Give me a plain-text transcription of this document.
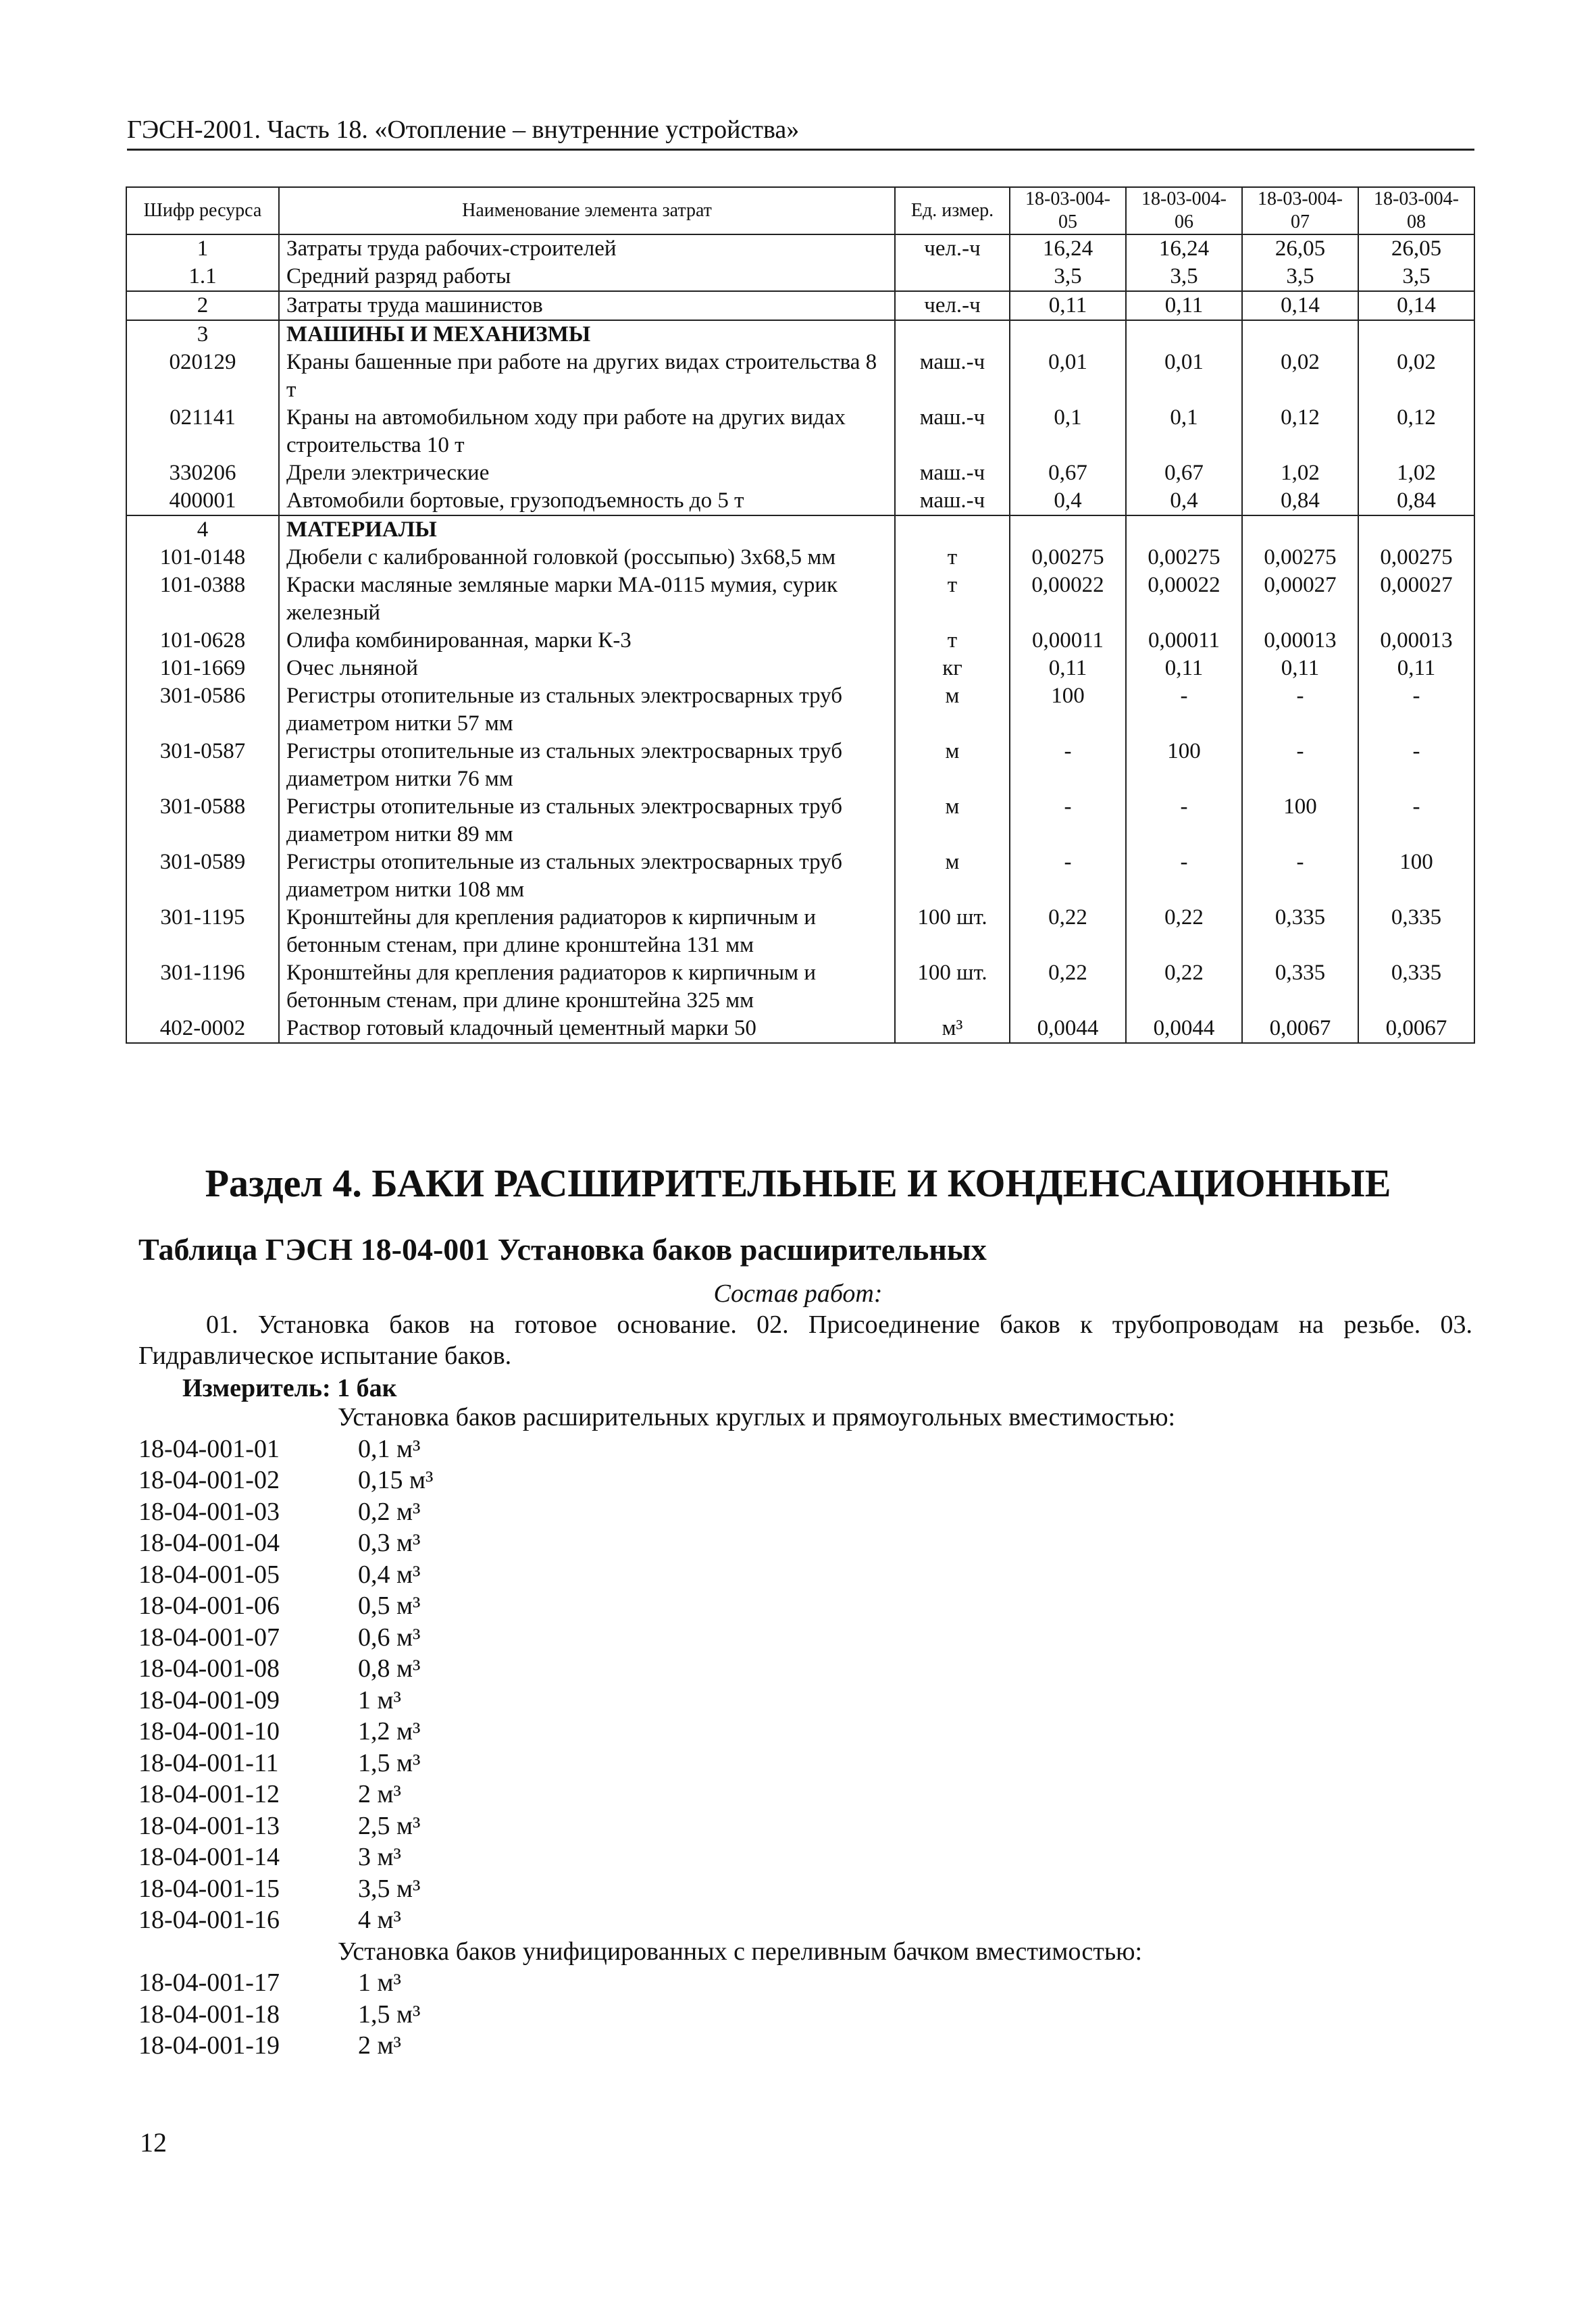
ГЭСН-2001. Часть 18. «Отопление – внутренние устройства»
Шифр ресурса	Наименование элемента затрат	Ед. измер.	18-03-004-05	18-03-004-06	18-03-004-07	18-03-004-08
1	Затраты труда рабочих-строителей	чел.-ч	16,24	16,24	26,05	26,05
1.1	Средний разряд работы		3,5	3,5	3,5	3,5
2	Затраты труда машинистов	чел.-ч	0,11	0,11	0,14	0,14
3	МАШИНЫ И МЕХАНИЗМЫ					
020129	Краны башенные при работе на других видах строительства 8 т	маш.-ч	0,01	0,01	0,02	0,02
021141	Краны на автомобильном ходу при работе на других видах строительства 10 т	маш.-ч	0,1	0,1	0,12	0,12
330206	Дрели электрические	маш.-ч	0,67	0,67	1,02	1,02
400001	Автомобили бортовые, грузоподъемность до 5 т	маш.-ч	0,4	0,4	0,84	0,84
4	МАТЕРИАЛЫ					
101-0148	Дюбели с калиброванной головкой (россыпью) 3х68,5 мм	т	0,00275	0,00275	0,00275	0,00275
101-0388	Краски масляные земляные марки МА-0115 мумия, сурик железный	т	0,00022	0,00022	0,00027	0,00027
101-0628	Олифа комбинированная, марки К-3	т	0,00011	0,00011	0,00013	0,00013
101-1669	Очес льняной	кг	0,11	0,11	0,11	0,11
301-0586	Регистры отопительные из стальных электросварных труб диаметром нитки 57 мм	м	100	-	-	-
301-0587	Регистры отопительные из стальных электросварных труб диаметром нитки 76 мм	м	-	100	-	-
301-0588	Регистры отопительные из стальных электросварных труб диаметром нитки 89 мм	м	-	-	100	-
301-0589	Регистры отопительные из стальных электросварных труб диаметром нитки 108 мм	м	-	-	-	100
301-1195	Кронштейны для крепления радиаторов к кирпичным и бетонным стенам, при длине кронштейна 131 мм	100 шт.	0,22	0,22	0,335	0,335
301-1196	Кронштейны для крепления радиаторов к кирпичным и бетонным стенам, при длине кронштейна 325 мм	100 шт.	0,22	0,22	0,335	0,335
402-0002	Раствор готовый кладочный цементный марки 50	м³	0,0044	0,0044	0,0067	0,0067
Раздел 4. БАКИ РАСШИРИТЕЛЬНЫЕ И КОНДЕНСАЦИОННЫЕ
Таблица ГЭСН 18-04-001 Установка баков расширительных
Состав работ:
01. Установка баков на готовое основание. 02. Присоединение баков к трубопроводам на резьбе. 03. Гидравлическое испытание баков.
Измеритель: 1 бак
Установка баков расширительных круглых и прямоугольных вместимостью:
18-04-001-01	0,1 м³
18-04-001-02	0,15 м³
18-04-001-03	0,2 м³
18-04-001-04	0,3 м³
18-04-001-05	0,4 м³
18-04-001-06	0,5 м³
18-04-001-07	0,6 м³
18-04-001-08	0,8 м³
18-04-001-09	1 м³
18-04-001-10	1,2 м³
18-04-001-11	1,5 м³
18-04-001-12	2 м³
18-04-001-13	2,5 м³
18-04-001-14	3 м³
18-04-001-15	3,5 м³
18-04-001-16	4 м³
Установка баков унифицированных с переливным бачком вместимостью:
18-04-001-17	1 м³
18-04-001-18	1,5 м³
18-04-001-19	2 м³
12
